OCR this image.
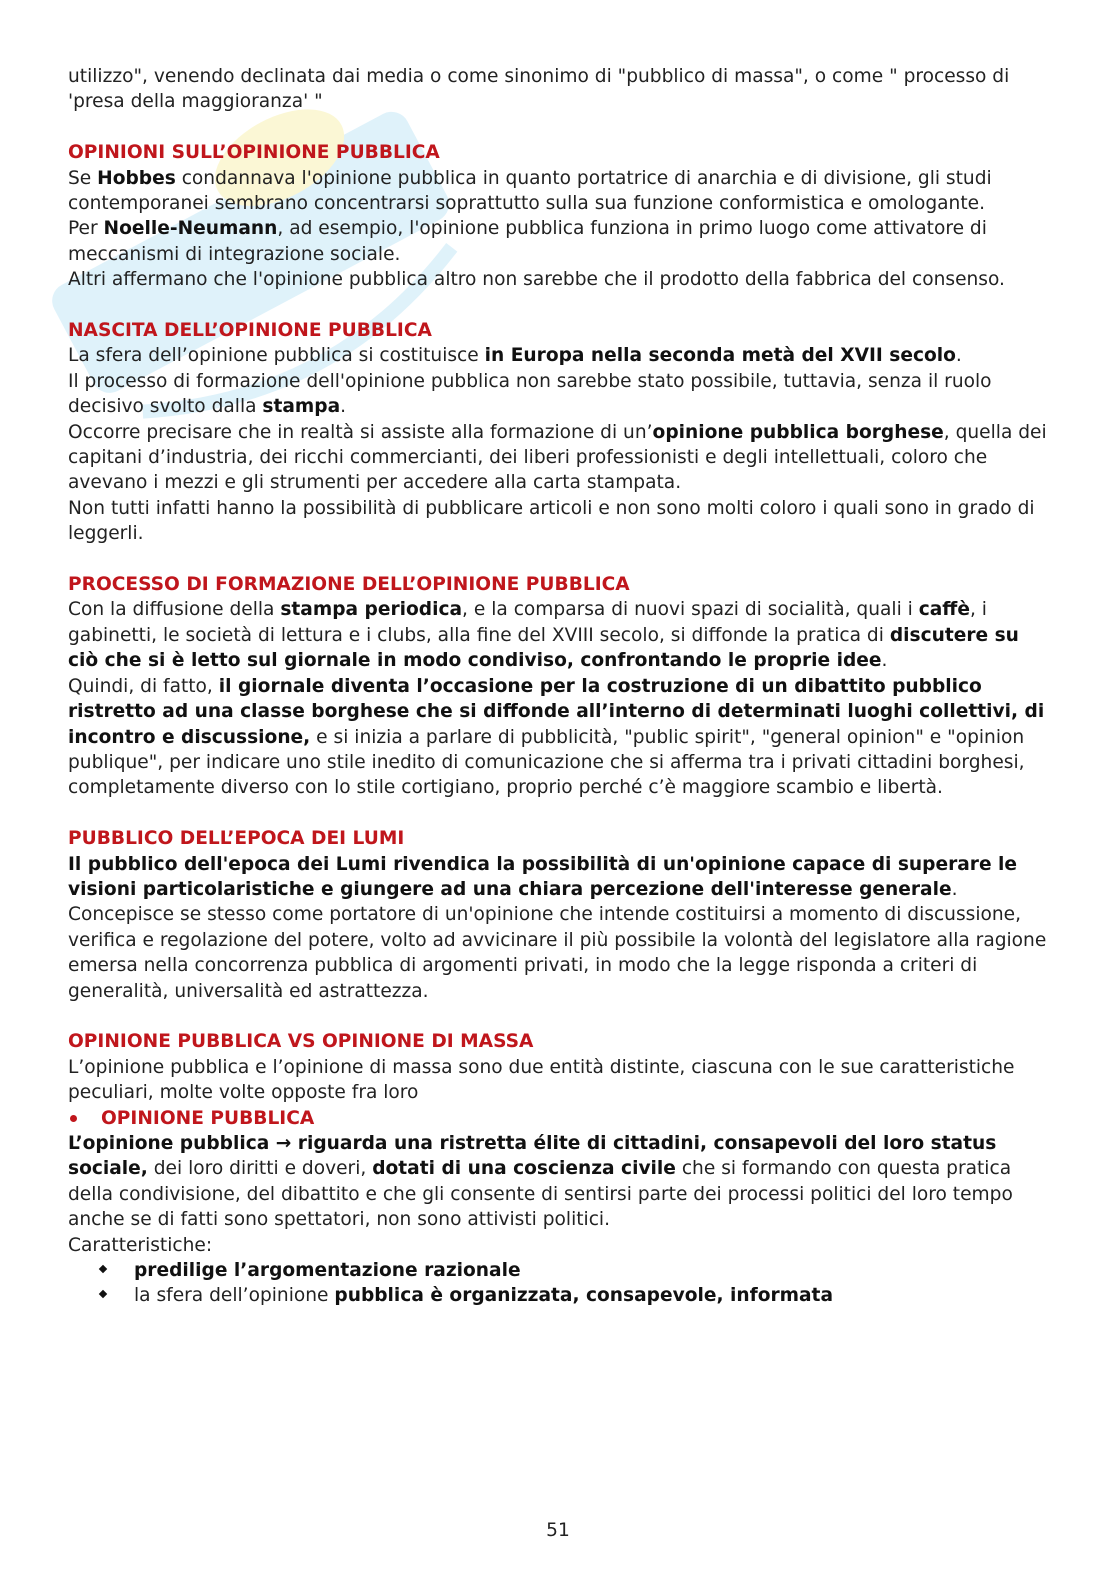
utilizzo", venendo declinata dai media o come sinonimo di "pubblico di massa", o come " processo di 'presa della maggioranza' "

OPINIONI SULL’OPINIONE PUBBLICA

Se Hobbes condannava l'opinione pubblica in quanto portatrice di anarchia e di divisione, gli studi contemporanei sembrano concentrarsi soprattutto sulla sua funzione conformistica e omologante.

Per Noelle-Neumann, ad esempio, l'opinione pubblica funziona in primo luogo come attivatore di meccanismi di integrazione sociale.

Altri affermano che l'opinione pubblica altro non sarebbe che il prodotto della fabbrica del consenso.

NASCITA DELL’OPINIONE PUBBLICA

La sfera dell’opinione pubblica si costituisce in Europa nella seconda metà del XVII secolo.

Il processo di formazione dell'opinione pubblica non sarebbe stato possibile, tuttavia, senza il ruolo decisivo svolto dalla stampa.

Occorre precisare che in realtà si assiste alla formazione di un’opinione pubblica borghese, quella dei capitani d’industria, dei ricchi commercianti, dei liberi professionisti e degli intellettuali, coloro che avevano i mezzi e gli strumenti per accedere alla carta stampata.

Non tutti infatti hanno la possibilità di pubblicare articoli e non sono molti coloro i quali sono in grado di leggerli.

PROCESSO DI FORMAZIONE DELL’OPINIONE PUBBLICA

Con la diffusione della stampa periodica, e la comparsa di nuovi spazi di socialità, quali i caffè, i gabinetti, le società di lettura e i clubs, alla fine del XVIII secolo, si diffonde la pratica di discutere su ciò che si è letto sul giornale in modo condiviso, confrontando le proprie idee.

Quindi, di fatto, il giornale diventa l’occasione per la costruzione di un dibattito pubblico ristretto ad una classe borghese che si diffonde all’interno di determinati luoghi collettivi, di incontro e discussione, e si inizia a parlare di pubblicità, "public spirit", "general opinion" e "opinion publique", per indicare uno stile inedito di comunicazione che si afferma tra i privati cittadini borghesi, completamente diverso con lo stile cortigiano, proprio perché c’è maggiore scambio e libertà.

PUBBLICO DELL’EPOCA DEI LUMI

Il pubblico dell'epoca dei Lumi rivendica la possibilità di un'opinione capace di superare le visioni particolaristiche e giungere ad una chiara percezione dell'interesse generale. Concepisce se stesso come portatore di un'opinione che intende costituirsi a momento di discussione, verifica e regolazione del potere, volto ad avvicinare il più possibile la volontà del legislatore alla ragione emersa nella concorrenza pubblica di argomenti privati, in modo che la legge risponda a criteri di generalità, universalità ed astrattezza.

OPINIONE PUBBLICA VS OPINIONE DI MASSA

L’opinione pubblica e l’opinione di massa sono due entità distinte, ciascuna con le sue caratteristiche peculiari, molte volte opposte fra loro

OPINIONE PUBBLICA

L’opinione pubblica → riguarda una ristretta élite di cittadini, consapevoli del loro status sociale, dei loro diritti e doveri, dotati di una coscienza civile che si formando con questa pratica della condivisione, del dibattito e che gli consente di sentirsi parte dei processi politici del loro tempo anche se di fatti sono spettatori, non sono attivisti politici.

Caratteristiche:

predilige l’argomentazione razionale
la sfera dell’opinione pubblica è organizzata, consapevole, informata
51
